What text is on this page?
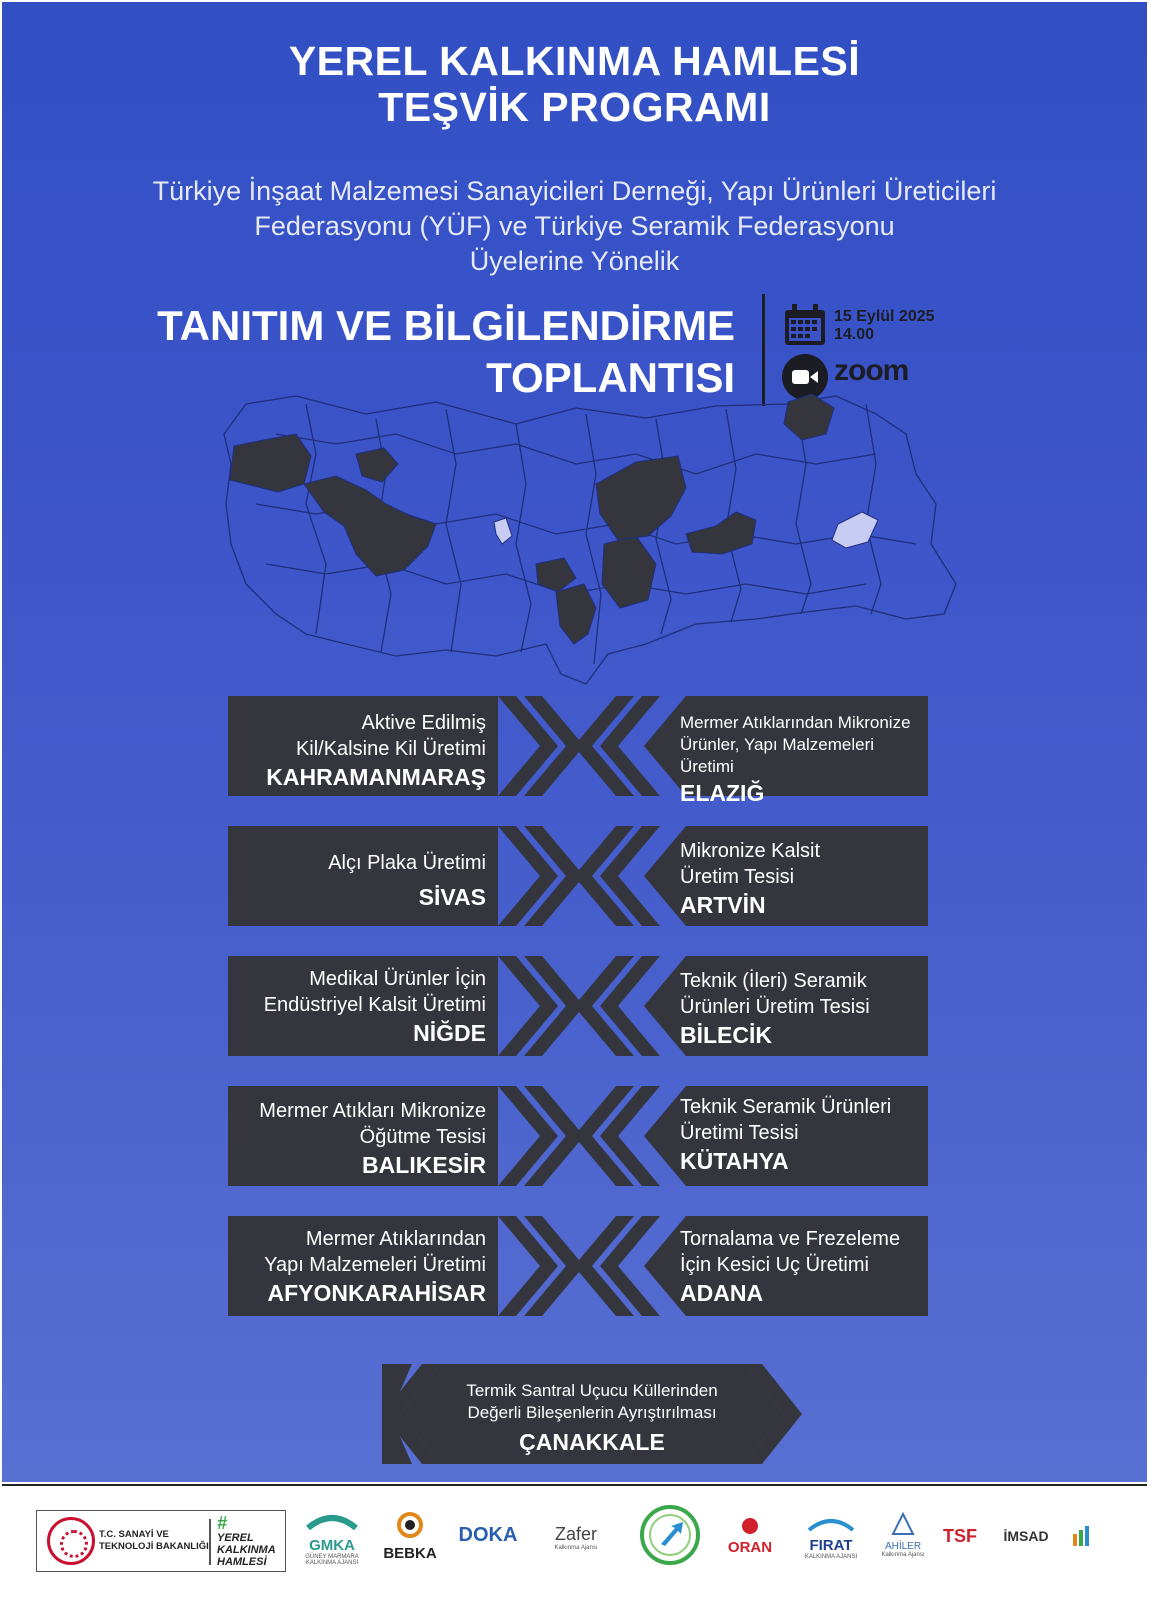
YEREL KALKINMA HAMLESİ
TEŞVİK PROGRAMI
Türkiye İnşaat Malzemesi Sanayicileri Derneği, Yapı Ürünleri Üreticileri
Federasyonu (YÜF) ve Türkiye Seramik Federasyonu
Üyelerine Yönelik
TANITIM VE BİLGİLENDİRME
TOPLANTISI
15 Eylül 2025
14.00
zoom
Aktive Edilmiş
Kil/Kalsine Kil Üretimi
KAHRAMANMARAŞ
Alçı Plaka Üretimi
SİVAS
Medikal Ürünler İçin
Endüstriyel Kalsit Üretimi
NİĞDE
Mermer Atıkları Mikronize
Öğütme Tesisi
BALIKESİR
Mermer Atıklarından
Yapı Malzemeleri Üretimi
AFYONKARAHİSAR
Mermer Atıklarından Mikronize
Ürünler, Yapı Malzemeleri Üretimi
ELAZIĞ
Mikronize Kalsit
Üretim Tesisi
ARTVİN
Teknik (İleri) Seramik
Ürünleri Üretim Tesisi
BİLECİK
Teknik Seramik Ürünleri
Üretimi Tesisi
KÜTAHYA
Tornalama ve Frezeleme
İçin Kesici Uç Üretimi
ADANA
Termik Santral Uçucu Küllerinden
Değerli Bileşenlerin Ayrıştırılması
ÇANAKKALE
T.C. SANAYİ VE
TEKNOLOJİ BAKANLIĞI
#
YEREL
KALKINMA
HAMLESİ
GMKA
GÜNEY MARMARA KALKINMA AJANSI
BEBKA
DOKA	Zafer
Kalkınma Ajansı	ORAN	FIRAT
KALKINMA AJANSI
AHİLER
Kalkınma Ajansı
TSF	İMSAD
